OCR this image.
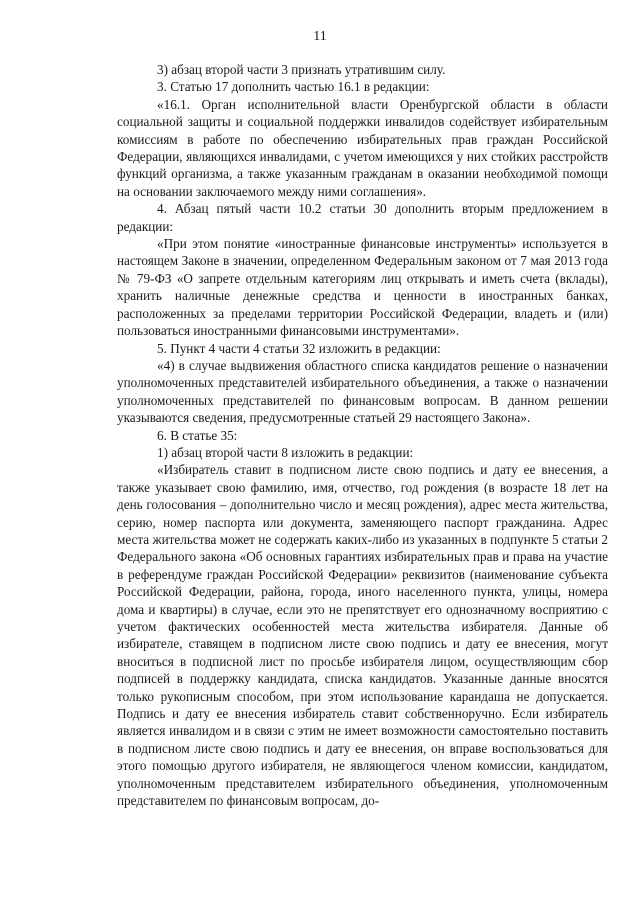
11

3) абзац второй части 3 признать утратившим силу.

3. Статью 17 дополнить частью 16.1 в редакции:

«16.1. Орган исполнительной власти Оренбургской области в области социальной защиты и социальной поддержки инвалидов содействует избирательным комиссиям в работе по обеспечению избирательных прав граждан Российской Федерации, являющихся инвалидами, с учетом имеющихся у них стойких расстройств функций организма, а также указанным гражданам в оказании необходимой помощи на основании заключаемого между ними соглашения».

4. Абзац пятый части 10.2 статьи 30 дополнить вторым предложением в редакции:

«При этом понятие «иностранные финансовые инструменты» используется в настоящем Законе в значении, определенном Федеральным законом от 7 мая 2013 года № 79-ФЗ «О запрете отдельным категориям лиц открывать и иметь счета (вклады), хранить наличные денежные средства и ценности в иностранных банках, расположенных за пределами территории Российской Федерации, владеть и (или) пользоваться иностранными финансовыми инструментами».

5. Пункт 4 части 4 статьи 32 изложить в редакции:

«4) в случае выдвижения областного списка кандидатов решение о назначении уполномоченных представителей избирательного объединения, а также о назначении уполномоченных представителей по финансовым вопросам. В данном решении указываются сведения, предусмотренные статьей 29 настоящего Закона».

6. В статье 35:

1) абзац второй части 8 изложить в редакции:

«Избиратель ставит в подписном листе свою подпись и дату ее внесения, а также указывает свою фамилию, имя, отчество, год рождения (в возрасте 18 лет на день голосования – дополнительно число и месяц рождения), адрес места жительства, серию, номер паспорта или документа, заменяющего паспорт гражданина. Адрес места жительства может не содержать каких-либо из указанных в подпункте 5 статьи 2 Федерального закона «Об основных гарантиях избирательных прав и права на участие в референдуме граждан Российской Федерации» реквизитов (наименование субъекта Российской Федерации, района, города, иного населенного пункта, улицы, номера дома и квартиры) в случае, если это не препятствует его однозначному восприятию с учетом фактических особенностей места жительства избирателя. Данные об избирателе, ставящем в подписном листе свою подпись и дату ее внесения, могут вноситься в подписной лист по просьбе избирателя лицом, осуществляющим сбор подписей в поддержку кандидата, списка кандидатов. Указанные данные вносятся только рукописным способом, при этом использование карандаша не допускается. Подпись и дату ее внесения избиратель ставит собственноручно. Если избиратель является инвалидом и в связи с этим не имеет возможности самостоятельно поставить в подписном листе свою подпись и дату ее внесения, он вправе воспользоваться для этого помощью другого избирателя, не являющегося членом комиссии, кандидатом, уполномоченным представителем избирательного объединения, уполномоченным представителем по финансовым вопросам, до-
